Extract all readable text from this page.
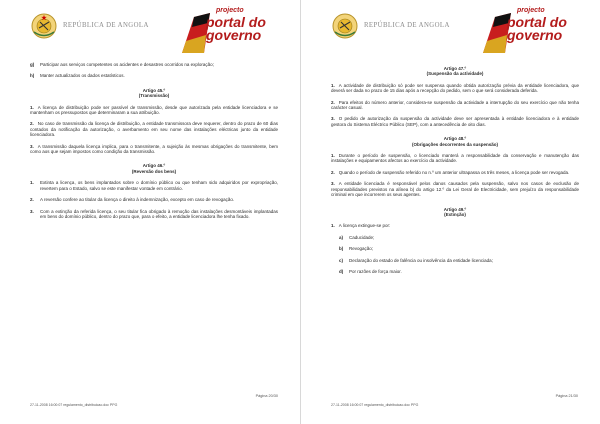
REPÚBLICA DE ANGOLA
projecto
portal do
governo
g) Participar aos serviços competentes os acidentes e desastres ocorridos na exploração;
h) Manter actualizados os dados estatísticos.
Artigo 45.º
(Transmissão)
1. A licença de distribuição pode ser passível de transmissão, desde que autorizada pela entidade licenciadora e se mantenham os pressupostos que determinaram a sua atribuição.
2. No caso de transmissão da licença de distribuição, a entidade transmissora deve requerer, dentro do prazo de 60 dias contados da notificação da autorização, o averbamento em seu nome das instalações eléctricas junto da entidade licenciadora.
3. A transmissão daquela licença implica, para o transmitente, a sujeição às mesmas obrigações do transmitente, bem como aos que sejam impostos como condição da transmissão.
Artigo 46.º
(Reversão dos bens)
1. Extinta a licença, os bens implantados sobre o domínio público ou que tenham sido adquiridos por expropriação, revertem para o Estado, salvo se este manifestar vontade em contrário.
2. A reversão confere ao titular da licença o direito à indemnização, excepto em caso de revogação.
3. Com a extinção da referida licença, o seu titular fica obrigado à remoção das instalações desmontáveis implantadas em bens do domínio público, dentro do prazo que, para o efeito, a entidade licenciadora lhe tenha fixado.
Página 20/30
27-11-2008 16:00:07 regulamento_distribuicao.doc PPG
REPÚBLICA DE ANGOLA
projecto
portal do
governo
Artigo 47.º
(Suspensão da actividade)
1. A actividade de distribuição só pode ser suspensa quando obtida autorização prévia da entidade licenciadora, que deverá ser dada no prazo de 15 dias após a recepção do pedido, sem o que será considerada deferida.
2. Para efeitos do número anterior, considera-se suspensão da actividade a interrupção do seu exercício que não tenha carácter casual.
3. O pedido de autorização da suspensão da actividade deve ser apresentada à entidade licenciadora e à entidade gestora do Sistema Eléctrico Público (SEP), com a antecedência de oito dias.
Artigo 48.º
(Obrigações decorrentes da suspensão)
1. Durante o período de suspensão, o licenciado manterá a responsabilidade da conservação e manutenção das instalações e equipamentos afectos ao exercício da actividade.
2. Quando o período de suspensão referido no n.º um anterior ultrapassa os três meses, a licença pode ser revogada.
3. A entidade licenciada é responsável pelos danos causados pela suspensão, salvo nos casos de exclusão de responsabilidades previstos na alínea b) do artigo 12.º da Lei Geral de Electricidade, sem prejuízo da responsabilidade criminal em que incorrerem os seus agentes.
Artigo 49.º
(Extinção)
1. A licença extingue-se por:
a) Caducidade;
b) Revogação;
c) Declaração do estado de falência ou insolvência da entidade licenciada;
d) Por razões de força maior.
Página 21/30
27-11-2008 16:00:07 regulamento_distribuicao.doc PPG
